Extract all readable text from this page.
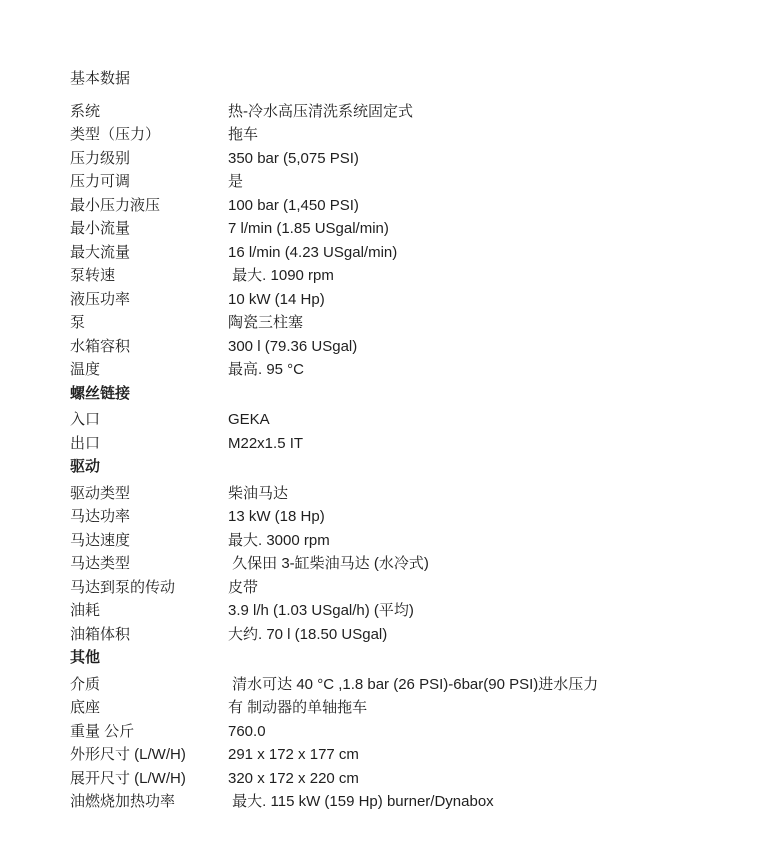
基本数据
系统	热-冷水高压清洗系统固定式
类型（压力）	拖车
压力级别	350 bar (5,075 PSI)
压力可调	是
最小压力液压	100 bar (1,450 PSI)
最小流量	7 l/min (1.85 USgal/min)
最大流量	16 l/min (4.23 USgal/min)
泵转速	最大. 1090 rpm
液压功率	10 kW (14 Hp)
泵	陶瓷三柱塞
水箱容积	300 l (79.36 USgal)
温度	最高. 95 °C
螺丝链接
入口	GEKA
出口	M22x1.5 IT
驱动
驱动类型	柴油马达
马达功率	13 kW (18 Hp)
马达速度	最大. 3000 rpm
马达类型	久保田 3-缸柴油马达 (水冷式)
马达到泵的传动	皮带
油耗	3.9 l/h (1.03 USgal/h) (平均)
油箱体积	大约. 70 l (18.50 USgal)
其他
介质	清水可达 40 °C ,1.8 bar (26 PSI)-6bar(90 PSI)进水压力
底座	有 制动器的单轴拖车
重量 公斤	760.0
外形尺寸 (L/W/H)	291 x 172 x 177 cm
展开尺寸 (L/W/H)	320 x 172 x 220 cm
油燃烧加热功率	最大. 115 kW (159 Hp) burner/Dynabox
